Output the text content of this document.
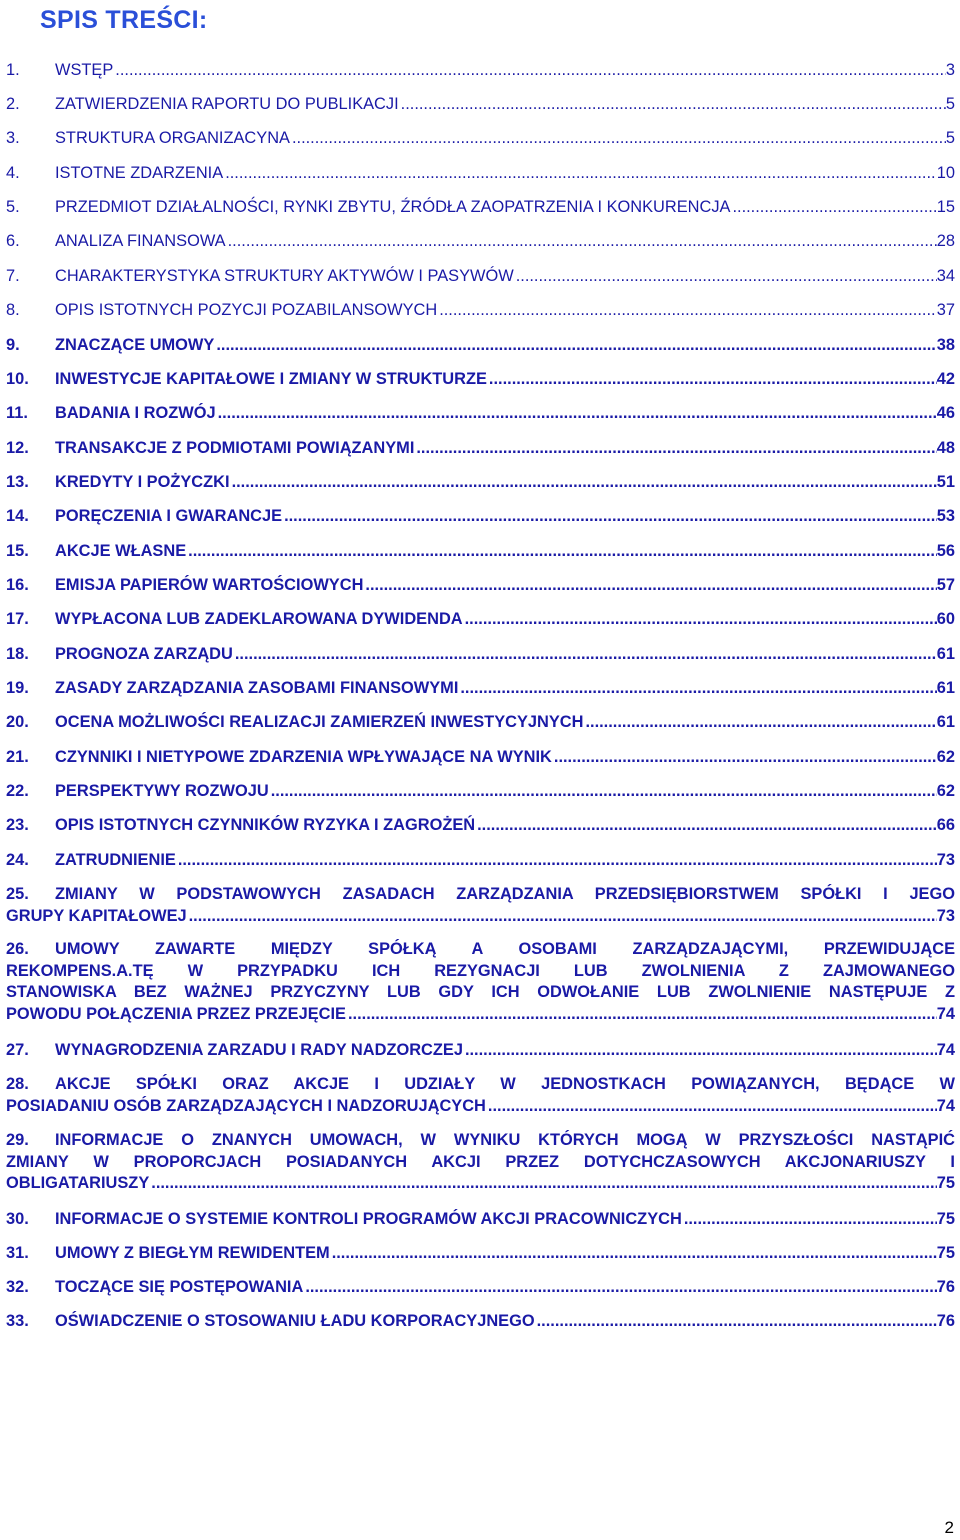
SPIS TREŚCI:
1.	WSTĘP .....	3
2.	ZATWIERDZENIA RAPORTU DO PUBLIKACJI .....	5
3.	STRUKTURA ORGANIZACYNA .....	5
4.	ISTOTNE ZDARZENIA .....	10
5.	PRZEDMIOT DZIAŁALNOŚCI, RYNKI ZBYTU, ŹRÓDŁA ZAOPATRZENIA I KONKURENCJA .....	15
6.	ANALIZA FINANSOWA .....	28
7.	CHARAKTERYSTYKA STRUKTURY AKTYWÓW I PASYWÓW .....	34
8.	OPIS ISTOTNYCH POZYCJI POZABILANSOWYCH .....	37
9.	ZNACZĄCE UMOWY .....	38
10.	INWESTYCJE KAPITAŁOWE I ZMIANY W STRUKTURZE .....	42
11.	BADANIA I ROZWÓJ .....	46
12.	TRANSAKCJE Z PODMIOTAMI POWIĄZANYMI .....	48
13.	KREDYTY I POŻYCZKI .....	51
14.	PORĘCZENIA I GWARANCJE .....	53
15.	AKCJE WŁASNE .....	56
16.	EMISJA PAPIERÓW WARTOŚCIOWYCH .....	57
17.	WYPŁACONA LUB ZADEKLAROWANA DYWIDENDA .....	60
18.	PROGNOZA ZARZĄDU .....	61
19.	ZASADY ZARZĄDZANIA ZASOBAMI FINANSOWYMI .....	61
20.	OCENA MOŻLIWOŚCI REALIZACJI ZAMIERZEŃ INWESTYCYJNYCH .....	61
21.	CZYNNIKI I NIETYPOWE ZDARZENIA WPŁYWAJĄCE NA WYNIK .....	62
22.	PERSPEKTYWY ROZWOJU .....	62
23.	OPIS ISTOTNYCH CZYNNIKÓW RYZYKA I ZAGROŻEŃ .....	66
24.	ZATRUDNIENIE .....	73
25.	ZMIANY W PODSTAWOWYCH ZASADACH ZARZĄDZANIA PRZEDSIĘBIORSTWEM SPÓŁKI I JEGO
GRUPY KAPITAŁOWEJ .....	73
26.	UMOWY ZAWARTE MIĘDZY SPÓŁKĄ A OSOBAMI ZARZĄDZAJĄCYMI, PRZEWIDUJĄCE
REKOMPENS.A.TĘ W PRZYPADKU ICH REZYGNACJI LUB ZWOLNIENIA Z ZAJMOWANEGO
STANOWISKA BEZ WAŻNEJ PRZYCZYNY LUB GDY ICH ODWOŁANIE LUB ZWOLNIENIE NASTĘPUJE Z
POWODU POŁĄCZENIA PRZEZ PRZEJĘCIE .....	74
27.	WYNAGRODZENIA ZARZADU I RADY NADZORCZEJ .....	74
28.	AKCJE SPÓŁKI ORAZ AKCJE I UDZIAŁY W JEDNOSTKACH POWIĄZANYCH, BĘDĄCE W
POSIADANIU OSÓB ZARZĄDZAJĄCYCH I NADZORUJĄCYCH .....	74
29.	INFORMACJE O ZNANYCH UMOWACH, W WYNIKU KTÓRYCH MOGĄ W PRZYSZŁOŚCI NASTĄPIĆ
ZMIANY W PROPORCJACH POSIADANYCH AKCJI PRZEZ DOTYCHCZASOWYCH AKCJONARIUSZY I
OBLIGATARIUSZY .....	75
30.	INFORMACJE O SYSTEMIE KONTROLI PROGRAMÓW AKCJI PRACOWNICZYCH .....	75
31.	UMOWY Z BIEGŁYM REWIDENTEM .....	75
32.	TOCZĄCE SIĘ POSTĘPOWANIA .....	76
33.	OŚWIADCZENIE O STOSOWANIU ŁADU KORPORACYJNEGO .....	76
2
